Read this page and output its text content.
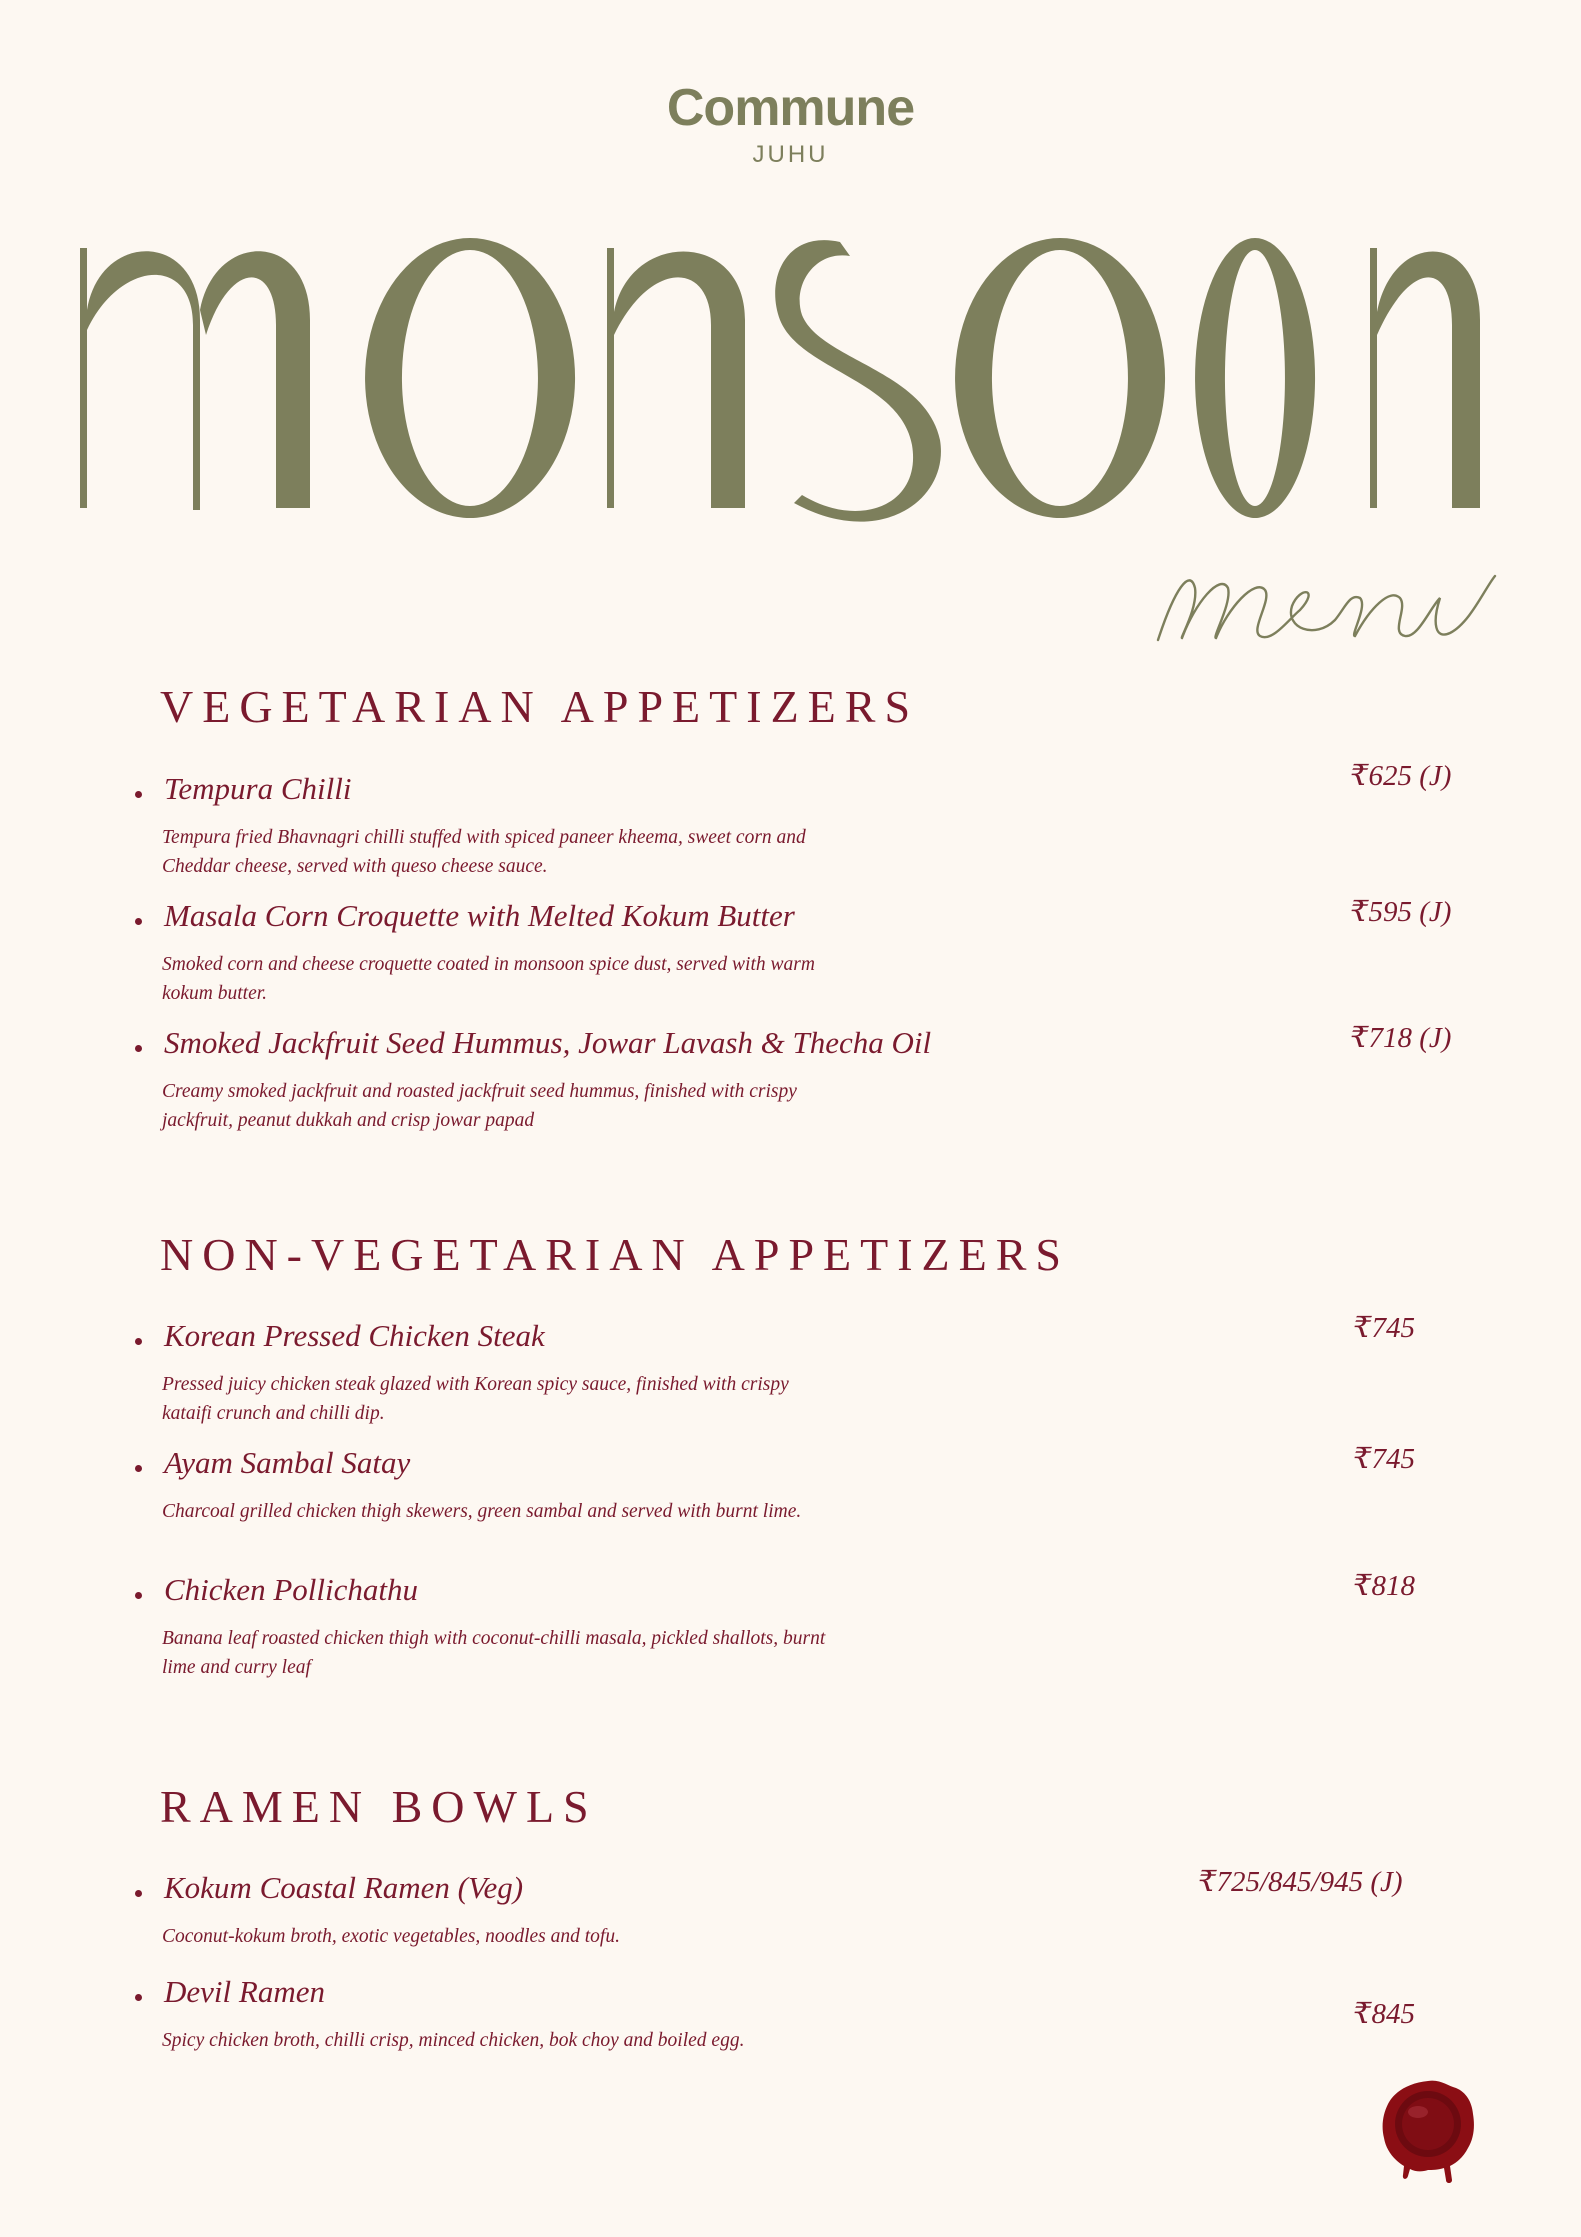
Commune
JUHU
VEGETARIAN APPETIZERS
Tempura Chilli
Tempura fried Bhavnagri chilli stuffed with spiced paneer kheema, sweet corn and Cheddar cheese, served with queso cheese sauce.
₹625 (J)
Masala Corn Croquette with Melted Kokum Butter
Smoked corn and cheese croquette coated in monsoon spice dust, served with warm kokum butter.
₹595 (J)
Smoked Jackfruit Seed Hummus, Jowar Lavash & Thecha Oil
Creamy smoked jackfruit and roasted jackfruit seed hummus, finished with crispy jackfruit, peanut dukkah and crisp jowar papad
₹718 (J)
NON-VEGETARIAN APPETIZERS
Korean Pressed Chicken Steak
Pressed juicy chicken steak glazed with Korean spicy sauce, finished with crispy kataifi crunch and chilli dip.
₹745
Ayam Sambal Satay
Charcoal grilled chicken thigh skewers, green sambal and served with burnt lime.
₹745
Chicken Pollichathu
Banana leaf roasted chicken thigh with coconut-chilli masala, pickled shallots, burnt lime and curry leaf
₹818
RAMEN BOWLS
Kokum Coastal Ramen (Veg)
Coconut-kokum broth, exotic vegetables, noodles and tofu.
₹725/845/945 (J)
Devil Ramen
Spicy chicken broth, chilli crisp, minced chicken, bok choy and boiled egg.
₹845
